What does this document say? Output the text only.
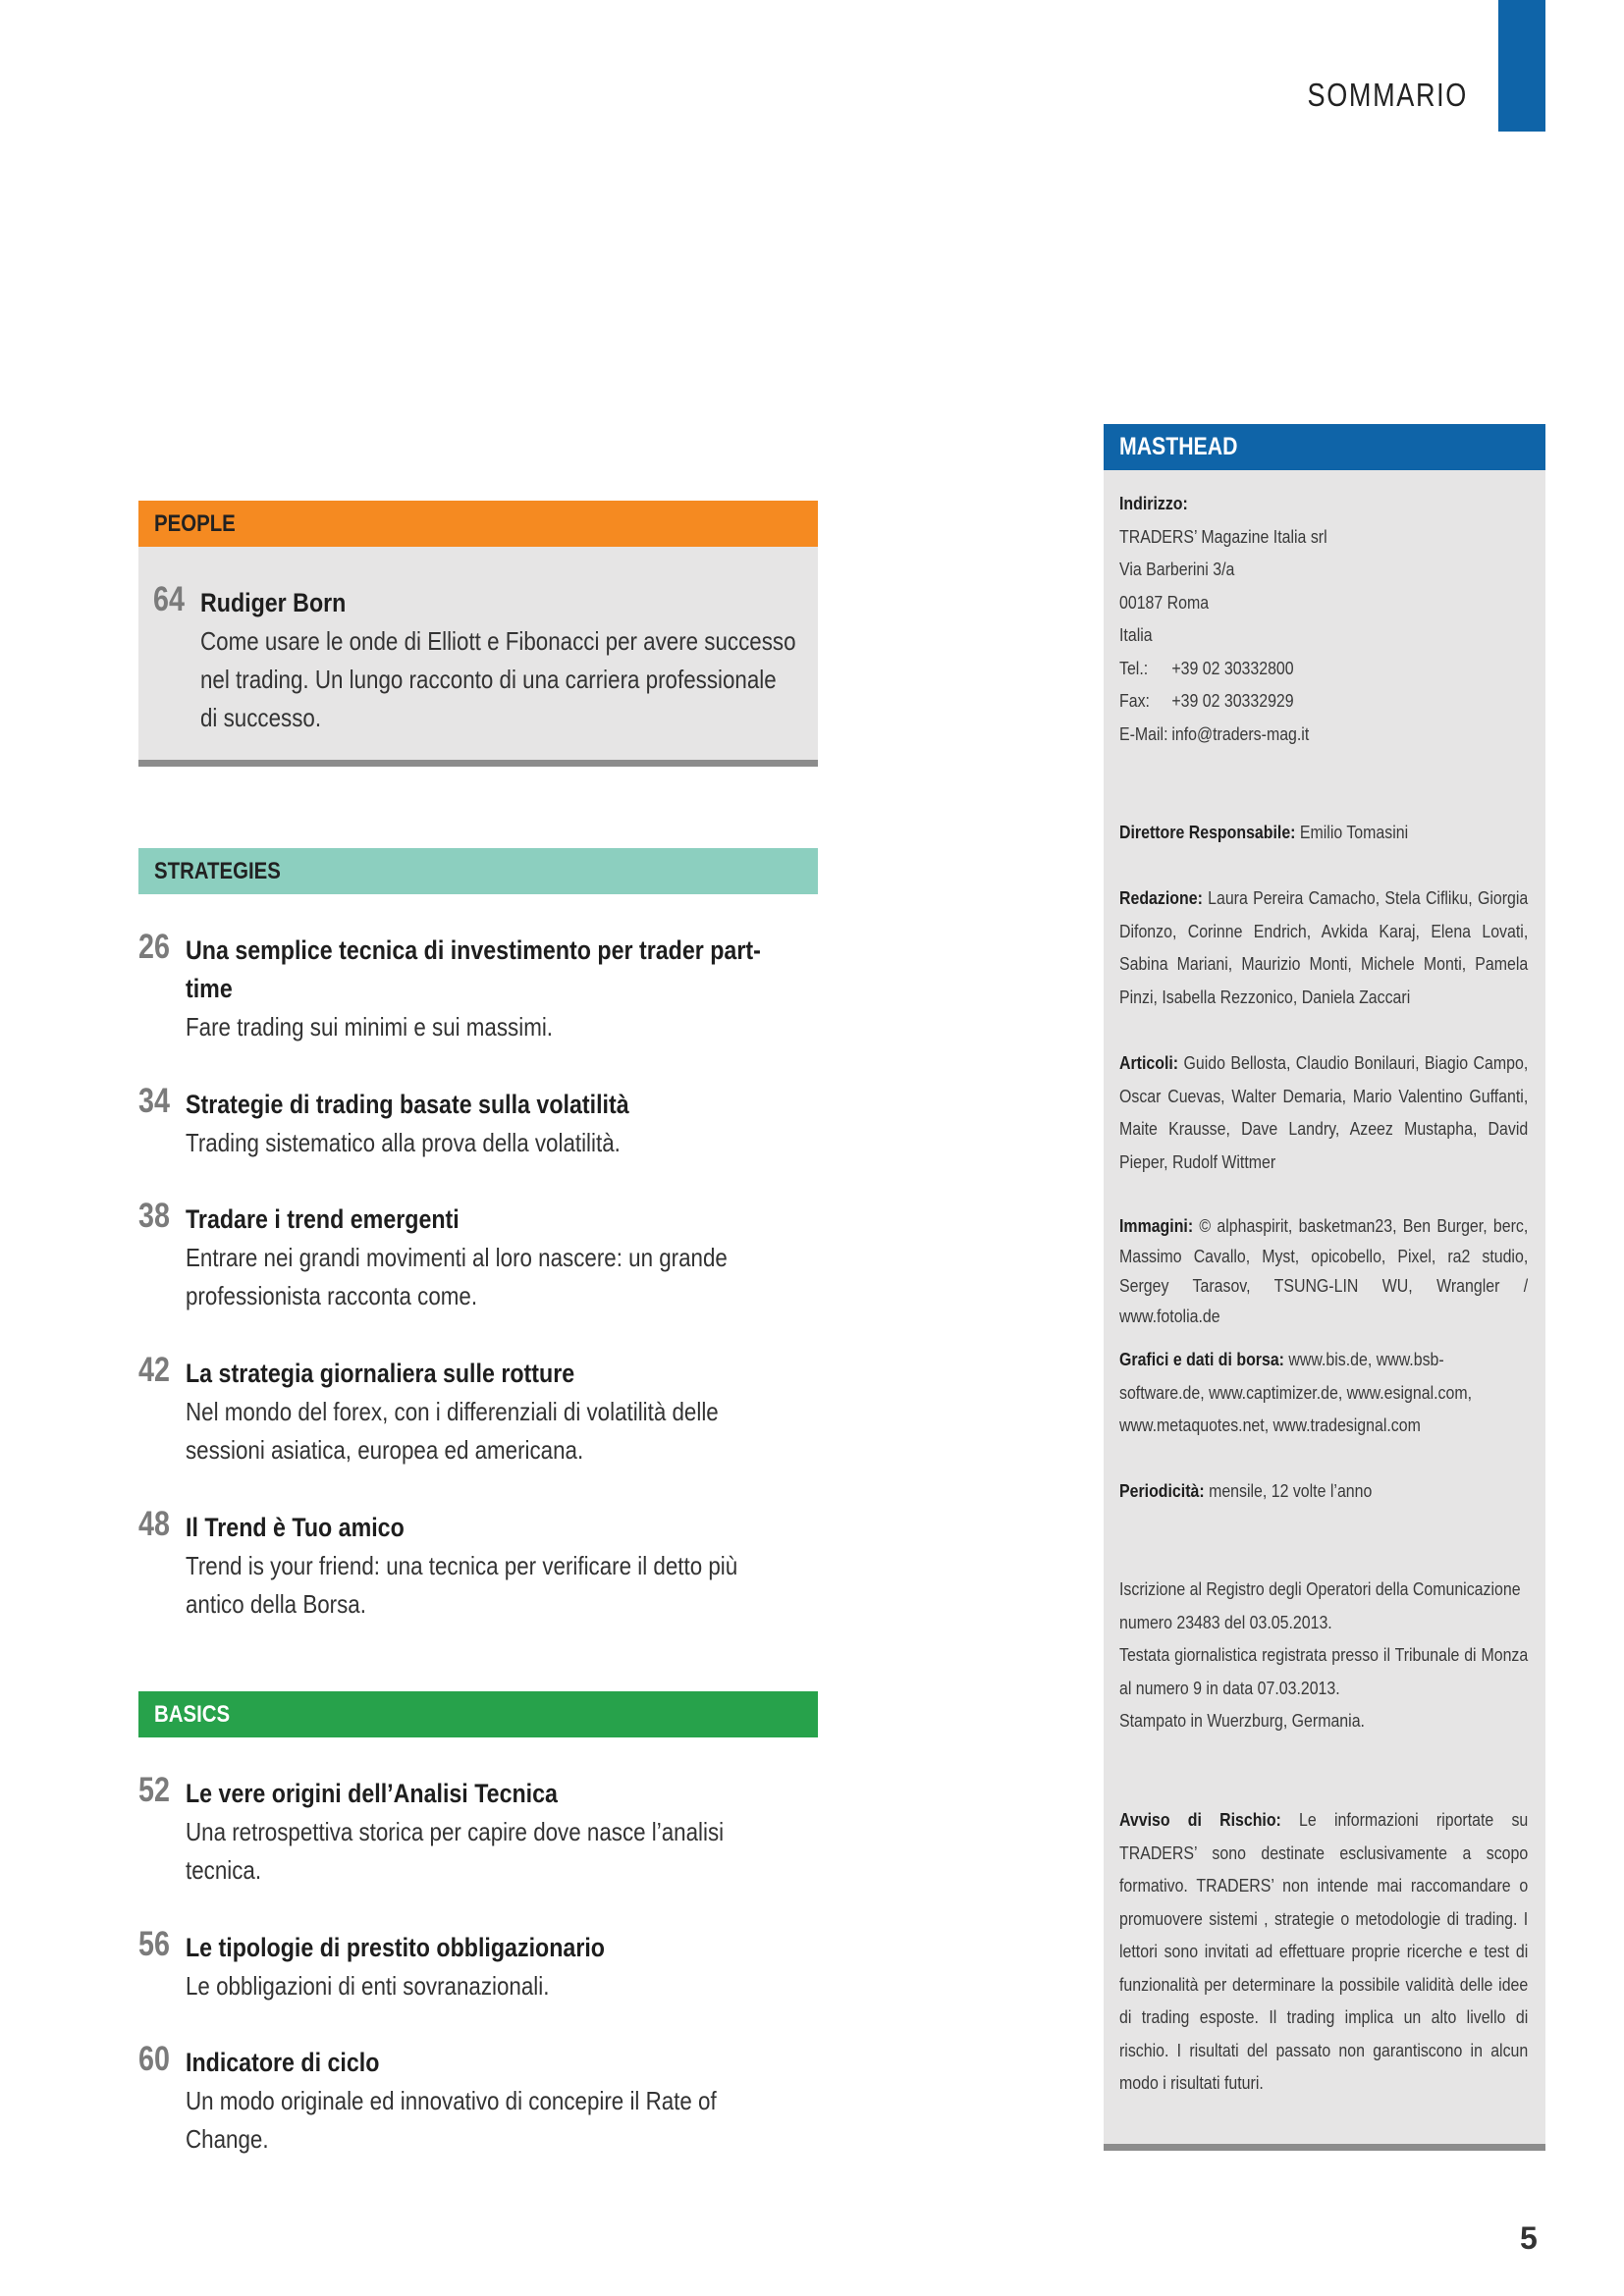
SOMMARIO
PEOPLE
64 Rudiger Born
Come usare le onde di Elliott e Fibonacci per avere successo
nel trading. Un lungo racconto di una carriera professionale
di successo.
STRATEGIES
26 Una semplice tecnica di investimento per trader part-
time
Fare trading sui minimi e sui massimi.
34 Strategie di trading basate sulla volatilità
Trading sistematico alla prova della volatilità.
38 Tradare i trend emergenti
Entrare nei grandi movimenti al loro nascere: un grande
professionista racconta come.
42 La strategia giornaliera sulle rotture
Nel mondo del forex, con i differenziali di volatilità delle
sessioni asiatica, europea ed americana.
48 Il Trend è Tuo amico
Trend is your friend: una tecnica per verificare il detto più
antico della Borsa.
BASICS
52 Le vere origini dell’Analisi Tecnica
Una retrospettiva storica per capire dove nasce l’analisi
tecnica.
56 Le tipologie di prestito obbligazionario
Le obbligazioni di enti sovranazionali.
60 Indicatore di ciclo
Un modo originale ed innovativo di concepire il Rate of
Change.
MASTHEAD

Indirizzo:

TRADERS’ Magazine Italia srl

Via Barberini 3/a

00187 Roma

Italia

Tel.:	+39 02 30332800

Fax:	+39 02 30332929

E-Mail: info@traders-mag.it

Direttore Responsabile: Emilio Tomasini

Redazione: Laura Pereira Camacho, Stela Cifliku, Giorgia Difonzo, Corinne Endrich, Avkida Karaj, Elena Lovati, Sabina Mariani, Maurizio Monti, Michele Monti, Pamela Pinzi, Isabella Rezzonico, Daniela Zaccari

Articoli: Guido Bellosta, Claudio Bonilauri, Biagio Campo, Oscar Cuevas, Walter Demaria, Mario Valentino Guffanti, Maite Krausse, Dave Landry, Azeez Mustapha, David Pieper, Rudolf Wittmer

Immagini: © alphaspirit, basketman23, Ben Burger, berc, Massimo Cavallo, Myst, opicobello, Pixel, ra2 studio, Sergey Tarasov, TSUNG-LIN WU, Wrangler / www.fotolia.de

Grafici e dati di borsa: www.bis.de, www.bsb-software.de, www.captimizer.de, www.esignal.com, www.metaquotes.net, www.tradesignal.com

Periodicità: mensile, 12 volte l’anno

Iscrizione al Registro degli Operatori della Comunicazione numero 23483 del 03.05.2013.

Testata giornalistica registrata presso il Tribunale di Monza al numero 9 in data 07.03.2013.

Stampato in Wuerzburg, Germania.

Avviso di Rischio: Le informazioni riportate su TRADERS’ sono destinate esclusivamente a scopo formativo. TRADERS’ non intende mai raccomandare o promuovere sistemi , strategie o metodologie di trading. I lettori sono invitati ad effettuare proprie ricerche e test di funzionalità per determinare la possibile validità delle idee di trading esposte. Il trading implica un alto livello di rischio. I risultati del passato non garantiscono in alcun modo i risultati futuri.

5
